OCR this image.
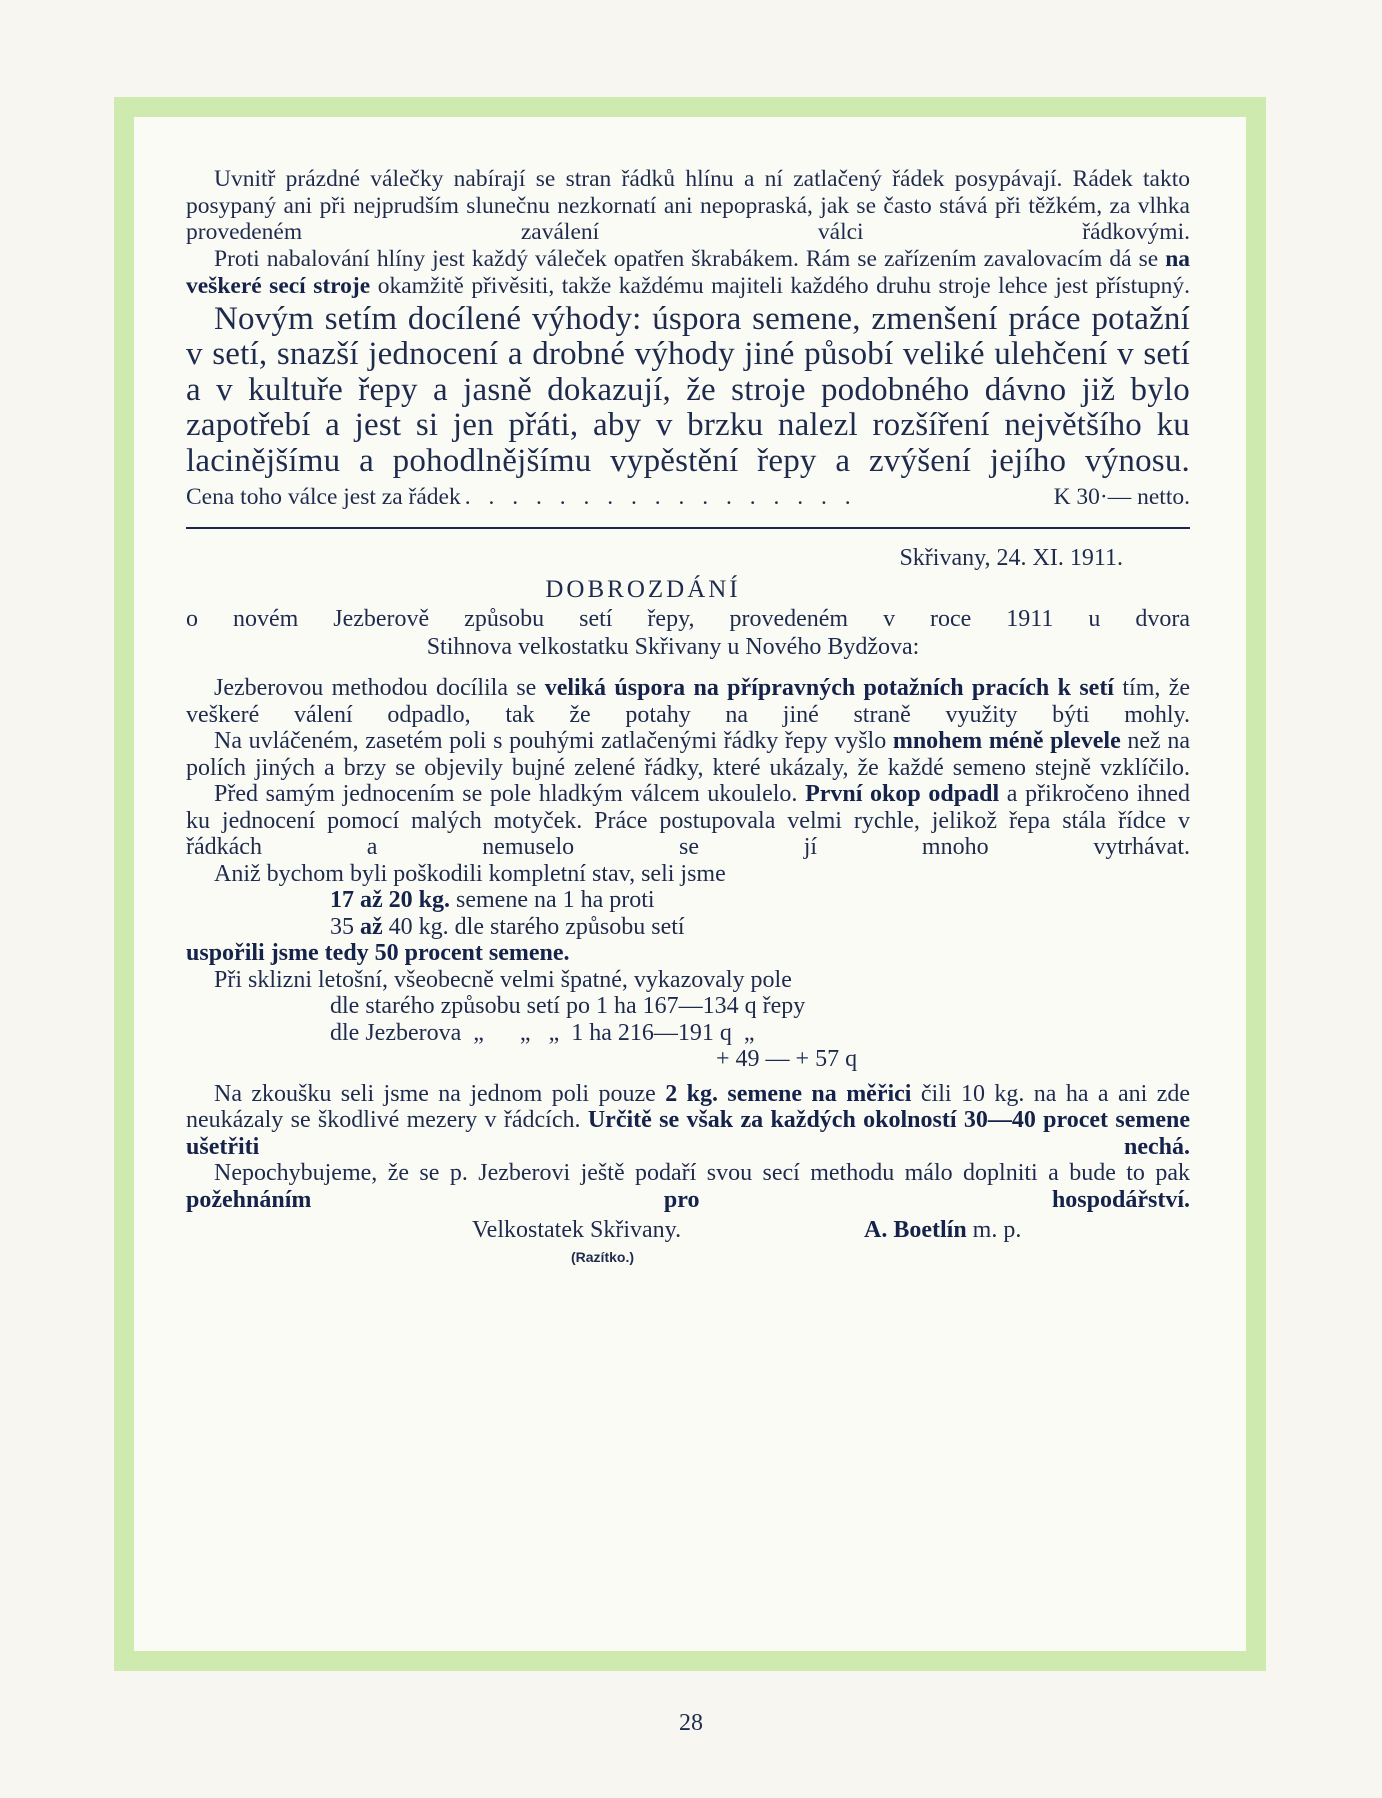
Uvnitř prázdné válečky nabírají se stran řádků hlínu a ní zatlačený řádek posypávají. Rádek takto posypaný ani při nejprudším slunečnu nezkornatí ani nepopraská, jak se často stává při těžkém, za vlhka provedeném zaválení válci řádkovými.

Proti nabalování hlíny jest každý váleček opatřen škrabákem. Rám se zařízením zavalovacím dá se na veškeré secí stroje okamžitě přivěsiti, takže každému majiteli každého druhu stroje lehce jest přístupný.

Novým setím docílené výhody: úspora semene, zmenšení práce potažní v setí, snazší jednocení a drobné výhody jiné působí veliké ulehčení v setí a v kultuře řepy a jasně dokazují, že stroje podobného dávno již bylo zapotřebí a jest si jen přáti, aby v brzku nalezl rozšíření největšího ku lacinějšímu a pohodlnějšímu vypěstění řepy a zvýšení jejího výnosu.

Cena toho válce jest za řádek . . . . . . . . . . . . . . . . .	K 30·— netto.

Skřivany, 24. XI. 1911.

DOBROZDÁNÍ

o novém Jezberově způsobu setí řepy, provedeném v roce 1911 u dvora

Stihnova velkostatku Skřivany u Nového Bydžova:

Jezberovou methodou docílila se veliká úspora na přípravných potažních pracích k setí tím, že veškeré válení odpadlo, tak že potahy na jiné straně využity býti mohly.

Na uvláčeném, zasetém poli s pouhými zatlačenými řádky řepy vyšlo mnohem méně plevele než na polích jiných a brzy se objevily bujné zelené řádky, které ukázaly, že každé semeno stejně vzklíčilo.

Před samým jednocením se pole hladkým válcem ukoulelo. První okop odpadl a přikročeno ihned ku jednocení pomocí malých motyček. Práce postupovala velmi rychle, jelikož řepa stála řídce v řádkách a nemuselo se jí mnoho vytrhávat.

Aniž bychom byli poškodili kompletní stav, seli jsme

17 až 20 kg. semene na 1 ha proti

35 až 40 kg. dle starého způsobu setí

uspořili jsme tedy 50 procent semene.

Při sklizni letošní, všeobecně velmi špatné, vykazovaly pole

dle starého způsobu setí po 1 ha 167—134 q řepy

dle Jezberova  „      „   „  1 ha 216—191 q  „

+ 49 — + 57 q

Na zkoušku seli jsme na jednom poli pouze 2 kg. semene na měřici čili 10 kg. na ha a ani zde neukázaly se škodlivé mezery v řádcích. Určitě se však za každých okolností 30—40 procet semene ušetřiti nechá.

Nepochybujeme, že se p. Jezberovi ještě podaří svou secí methodu málo doplniti a bude to pak požehnáním pro hospodářství.

Velkostatek Skřivany.	A. Boetlín m. p.

(Razítko.)

28
